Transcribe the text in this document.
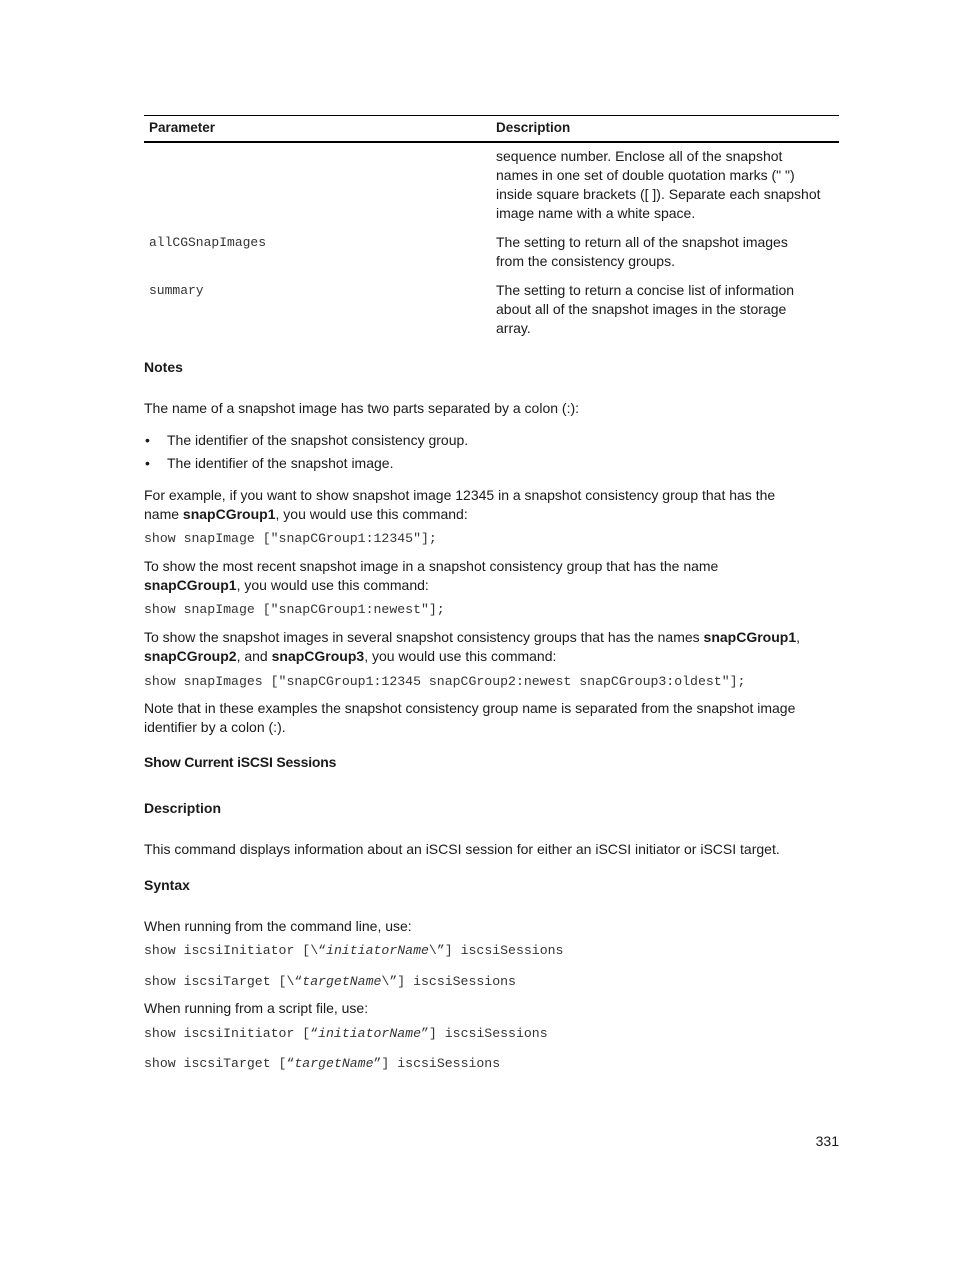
Parameter	Description

	sequence number. Enclose all of the snapshot
names in one set of double quotation marks (" ")
inside square brackets ([ ]). Separate each snapshot
image name with a white space.

allCGSnapImages	The setting to return all of the snapshot images
from the consistency groups.

summary	The setting to return a concise list of information
about all of the snapshot images in the storage
array.
Notes
The name of a snapshot image has two parts separated by a colon (:):
• The identifier of the snapshot consistency group.
• The identifier of the snapshot image.
For example, if you want to show snapshot image 12345 in a snapshot consistency group that has the
name snapCGroup1, you would use this command:
show snapImage ["snapCGroup1:12345"];
To show the most recent snapshot image in a snapshot consistency group that has the name
snapCGroup1, you would use this command:
show snapImage ["snapCGroup1:newest"];
To show the snapshot images in several snapshot consistency groups that has the names snapCGroup1,
snapCGroup2, and snapCGroup3, you would use this command:
show snapImages ["snapCGroup1:12345 snapCGroup2:newest snapCGroup3:oldest"];
Note that in these examples the snapshot consistency group name is separated from the snapshot image
identifier by a colon (:).
Show Current iSCSI Sessions
Description
This command displays information about an iSCSI session for either an iSCSI initiator or iSCSI target.
Syntax
When running from the command line, use:
show iscsiInitiator [\“initiatorName\”] iscsiSessions
show iscsiTarget [\“targetName\”] iscsiSessions
When running from a script file, use:
show iscsiInitiator [“initiatorName”] iscsiSessions
show iscsiTarget [“targetName”] iscsiSessions
331
